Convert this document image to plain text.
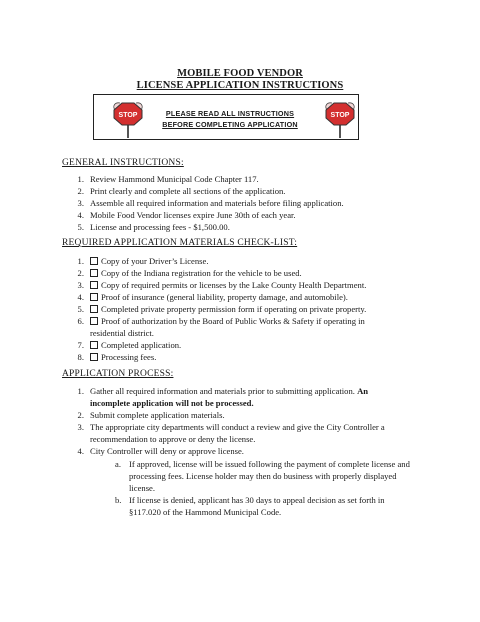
MOBILE FOOD VENDOR
LICENSE APPLICATION INSTRUCTIONS
STOP	STOP
PLEASE READ ALL INSTRUCTIONS
BEFORE COMPLETING APPLICATION
GENERAL INSTRUCTIONS:
1. Review Hammond Municipal Code Chapter 117.
2. Print clearly and complete all sections of the application.
3. Assemble all required information and materials before filing application.
4. Mobile Food Vendor licenses expire June 30th of each year.
5. License and processing fees - $1,500.00.
REQUIRED APPLICATION MATERIALS CHECK-LIST:
1.	Copy of your Driver’s License.
2.	Copy of the Indiana registration for the vehicle to be used.
3.	Copy of required permits or licenses by the Lake County Health Department.
4.	Proof of insurance (general liability, property damage, and automobile).
5.	Completed private property permission form if operating on private property.
6.	Proof of authorization by the Board of Public Works & Safety if operating in
residential district.
7.	Completed application.
8.	Processing fees.
APPLICATION PROCESS:
1. Gather all required information and materials prior to submitting application. An
incomplete application will not be processed.
2. Submit complete application materials.
3. The appropriate city departments will conduct a review and give the City Controller a
recommendation to approve or deny the license.
4. City Controller will deny or approve license.
a. If approved, license will be issued following the payment of complete license and
processing fees. License holder may then do business with properly displayed
license.
b. If license is denied, applicant has 30 days to appeal decision as set forth in
§117.020 of the Hammond Municipal Code.
